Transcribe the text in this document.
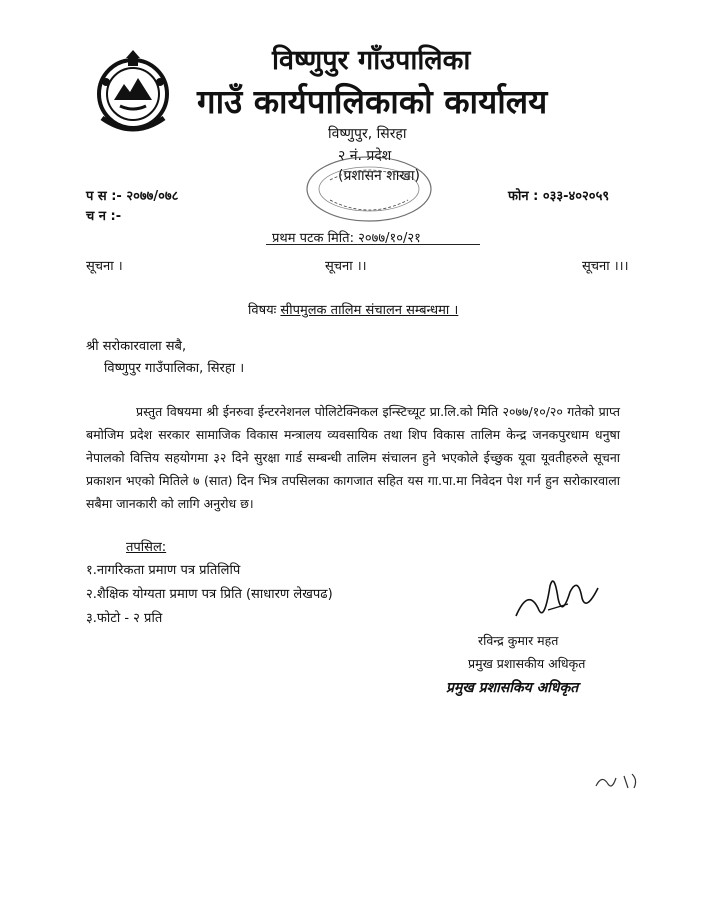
विष्णुपुर गाँउपालिका
गाउँ कार्यपालिकाको कार्यालय
विष्णुपुर, सिरहा
२ नं. प्रदेश
(प्रशासन शाखा)
प स :- २०७७/०७८	फोन : ०३३-४०२०५९
च न :-
प्रथम पटक मिति: २०७७/१०/२१
सूचना ।	सूचना ।।	सूचना ।।।
विषयः सीपमुलक तालिम संचालन सम्बन्धमा ।
श्री सरोकारवाला सबै,
विष्णुपुर गाउँपालिका, सिरहा ।
प्रस्तुत विषयमा श्री ईनरुवा ईन्टरनेशनल पोलिटेक्निकल इन्स्टिच्यूट प्रा.लि.को मिति २०७७/१०/२० गतेको प्राप्त बमोजिम प्रदेश सरकार सामाजिक विकास मन्त्रालय व्यवसायिक तथा शिप विकास तालिम केन्द्र जनकपुरधाम धनुषा नेपालको वित्तिय सहयोगमा ३२ दिने सुरक्षा गार्ड सम्बन्धी तालिम संचालन हुने भएकोले ईच्छुक यूवा यूवतीहरुले सूचना प्रकाशन भएको मितिले ७ (सात) दिन भित्र तपसिलका कागजात सहित यस गा.पा.मा निवेदन पेश गर्न हुन सरोकारवाला सबैमा जानकारी को लागि अनुरोध छ।
तपसिल:
१.नागरिकता प्रमाण पत्र प्रतिलिपि
२.शैक्षिक योग्यता प्रमाण पत्र प्रिति (साधारण लेखपढ)
३.फोटो - २ प्रति
रविन्द्र कुमार महत
प्रमुख प्रशासकीय अधिकृत
प्रमुख प्रशासकिय अधिकृत
